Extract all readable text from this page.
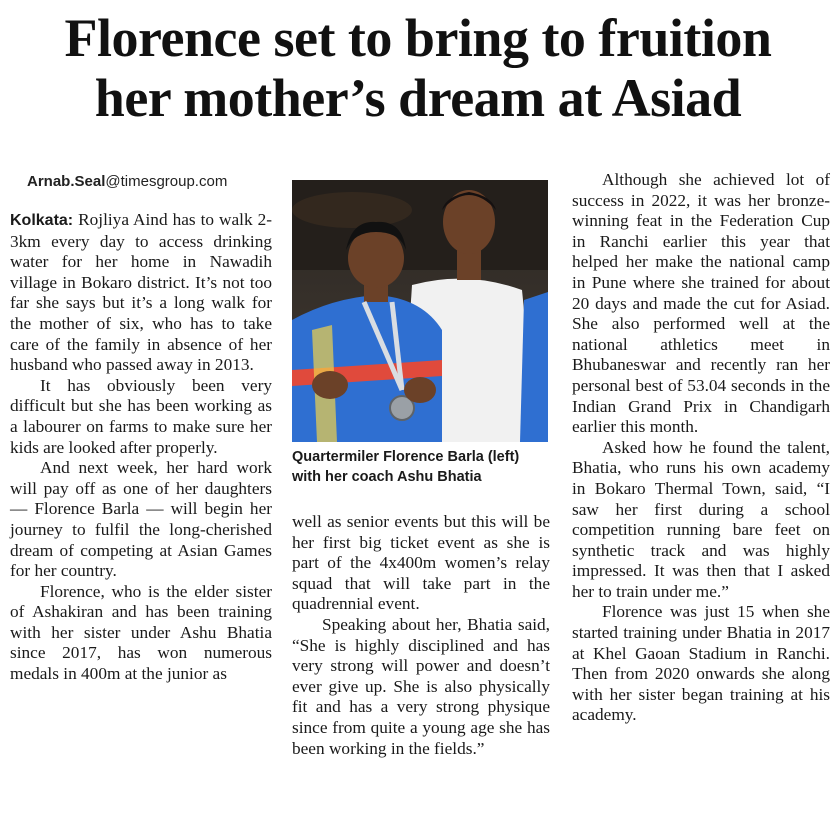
Florence set to bring to fruition
her mother’s dream at Asiad
Arnab.Seal@timesgroup.com

Kolkata: Rojliya Aind has to walk 2-3km every day to access drinking water for her home in Nawadih village in Bokaro district. It’s not too far she says but it’s a long walk for the mother of six, who has to take care of the family in absence of her husband who passed away in 2013.

It has obviously been very difficult but she has been working as a labourer on farms to make sure her kids are looked after properly.

And next week, her hard work will pay off as one of her daughters — Florence Barla — will begin her journey to fulfil the long-cherished dream of competing at Asian Games for her country.

Florence, who is the elder sister of Ashakiran and has been training with her sister under Ashu Bhatia since 2017, has won numerous medals in 400m at the junior as

Quartermiler Florence Barla (left) with her coach Ashu Bhatia

well as senior events but this will be her first big ticket event as she is part of the 4x400m women’s relay squad that will take part in the quadrennial event.

Speaking about her, Bhatia said, “She is highly disciplined and has very strong will power and doesn’t ever give up. She is also physically fit and has a very strong physique since from quite a young age she has been working in the fields.”

Although she achieved lot of success in 2022, it was her bronze-winning feat in the Federation Cup in Ranchi earlier this year that helped her make the national camp in Pune where she trained for about 20 days and made the cut for Asiad. She also performed well at the national athletics meet in Bhubaneswar and recently ran her personal best of 53.04 seconds in the Indian Grand Prix in Chandigarh earlier this month.

Asked how he found the talent, Bhatia, who runs his own academy in Bokaro Thermal Town, said, “I saw her first during a school competition running bare feet on synthetic track and was highly impressed. It was then that I asked her to train under me.”

Florence was just 15 when she started training under Bhatia in 2017 at Khel Gaoan Stadium in Ranchi. Then from 2020 onwards she along with her sister began training at his academy.
